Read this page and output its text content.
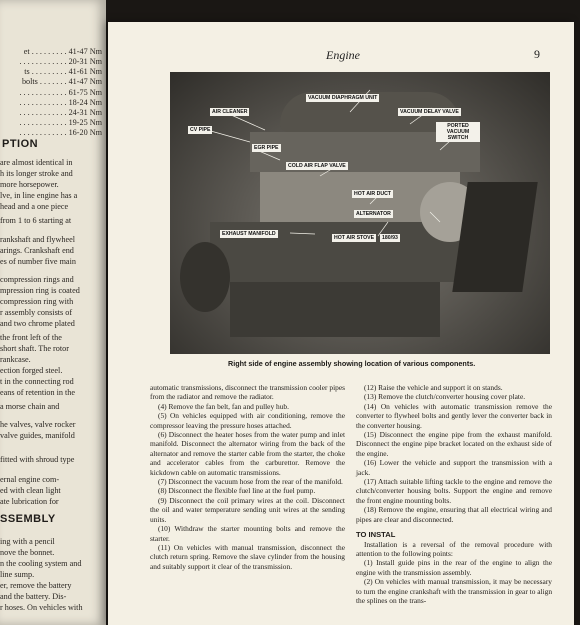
et . . . . . . . . . 41-47 Nm
. . . . . . . . . . . . 20-31 Nm
ts . . . . . . . . . 41-61 Nm
bolts . . . . . . . 41-47 Nm
. . . . . . . . . . . . 61-75 Nm
. . . . . . . . . . . . 18-24 Nm
. . . . . . . . . . . . 24-31 Nm
. . . . . . . . . . . . 19-25 Nm
. . . . . . . . . . . . 16-20 Nm
are almost identical in
h its longer stroke and
more horsepower.
lve, in line engine has a
head and a one piece
from 1 to 6 starting at
rankshaft and flywheel
arings. Crankshaft end
es of number five main
compression rings and
mpression ring is coated
compression ring with
r assembly consists of
and two chrome plated
the front left of the
short shaft. The rotor
rankcase.
ection forged steel.
t in the connecting rod
eans of retention in the
a morse chain and
he valves, valve rocker
valve guides, manifold
fitted with shroud type
ernal engine com-
ed with clean light
ate lubrication for
ing with a pencil
nove the bonnet.
n the cooling system and
line sump.
er, remove the battery
and the battery. Dis-
r hoses. On vehicles with
PTION
SSEMBLY
Engine	9
VACUUM DIAPHRAGM UNIT
AIR CLEANER	VACUUM DELAY VALVE
CV PIPE
EGR PIPE
PORTED VACUUM SWITCH
COLD AIR FLAP VALVE
HOT AIR DUCT
ALTERNATOR
EXHAUST MANIFOLD
HOT AIR STOVE	180/93
Right side of engine assembly showing location of various components.

automatic transmissions, disconnect the transmission cooler pipes from the radiator and remove the radiator.

(4) Remove the fan belt, fan and pulley hub.

(5) On vehicles equipped with air conditioning, remove the compressor leaving the pressure hoses attached.

(6) Disconnect the heater hoses from the water pump and inlet manifold. Disconnect the alternator wiring from the back of the alternator and remove the starter cable from the starter, the choke and accelerator cables from the carburettor. Remove the kickdown cable on automatic transmissions.

(7) Disconnect the vacuum hose from the rear of the manifold.

(8) Disconnect the flexible fuel line at the fuel pump.

(9) Disconnect the coil primary wires at the coil. Disconnect the oil and water temperature sending unit wires at the sending units.

(10) Withdraw the starter mounting bolts and remove the starter.

(11) On vehicles with manual transmission, disconnect the clutch return spring. Remove the slave cylinder from the housing and suitably support it clear of the transmission.

(12) Raise the vehicle and support it on stands.

(13) Remove the clutch/converter housing cover plate.

(14) On vehicles with automatic transmission remove the converter to flywheel bolts and gently lever the converter back in the converter housing.

(15) Disconnect the engine pipe from the exhaust manifold. Disconnect the engine pipe bracket located on the exhaust side of the engine.

(16) Lower the vehicle and support the transmission with a jack.

(17) Attach suitable lifting tackle to the engine and remove the clutch/converter housing bolts. Support the engine and remove the front engine mounting bolts.

(18) Remove the engine, ensuring that all electrical wiring and pipes are clear and disconnected.

TO INSTAL

Installation is a reversal of the removal procedure with attention to the following points:

(1) Install guide pins in the rear of the engine to align the engine with the transmission assembly.

(2) On vehicles with manual transmission, it may be necessary to turn the engine crankshaft with the transmission in gear to align the splines on the trans-
